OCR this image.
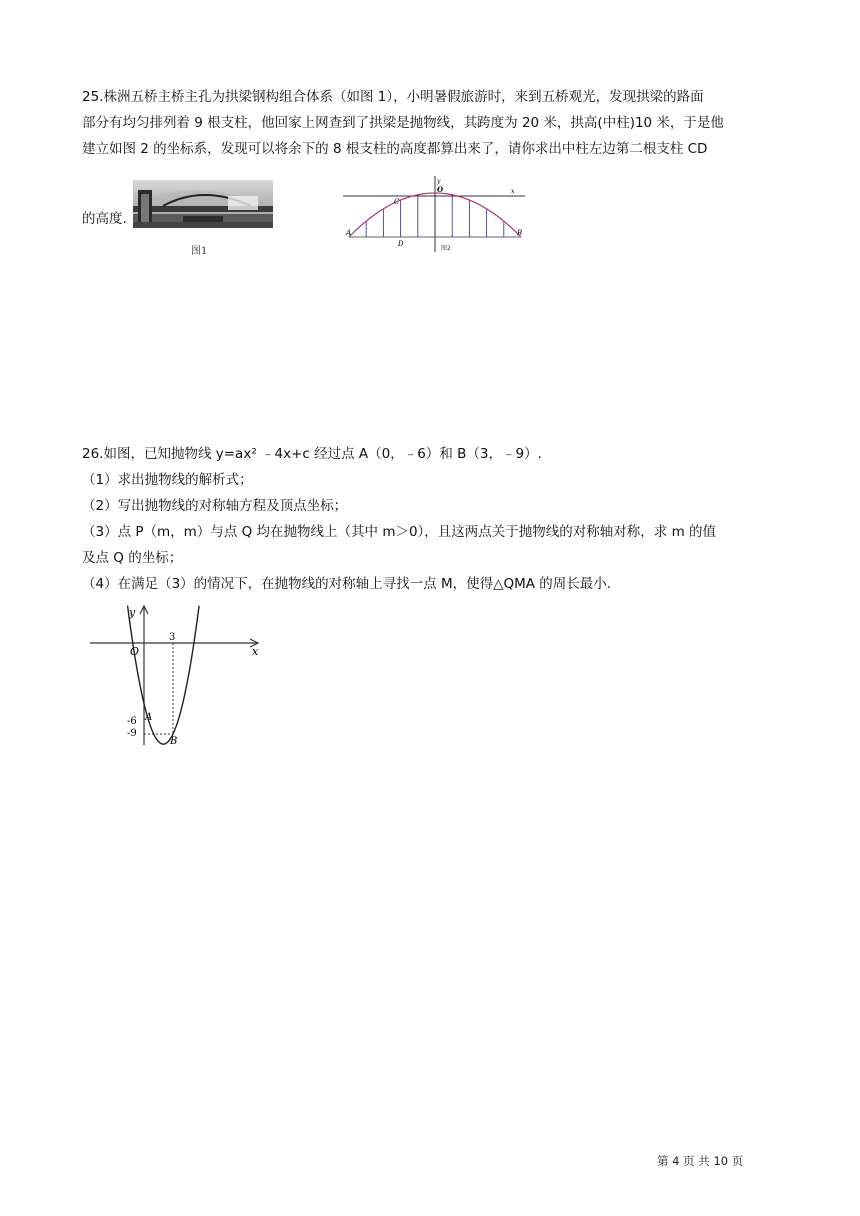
25.株洲五桥主桥主孔为拱梁钢构组合体系（如图 1），小明暑假旅游时，来到五桥观光，发现拱梁的路面
部分有均匀排列着 9 根支柱，他回家上网查到了拱梁是抛物线，其跨度为 20 米，拱高(中柱)10 米，于是他
建立如图 2 的坐标系，发现可以将余下的 8 根支柱的高度都算出来了，请你求出中柱左边第二根支柱 CD
的高度.
图1
y
O	x
C
A	B
D
图2
26.如图，已知抛物线 y=ax² ﹣4x+c 经过点 A（0，﹣6）和 B（3，﹣9）.
（1）求出抛物线的解析式；
（2）写出抛物线的对称轴方程及顶点坐标；
（3）点 P（m，m）与点 Q 均在抛物线上（其中 m＞0），且这两点关于抛物线的对称轴对称，求 m 的值
及点 Q 的坐标；
（4）在满足（3）的情况下，在抛物线的对称轴上寻找一点 M，使得△QMA 的周长最小.
y
x
O
3
A
B
-6
-9
第 4 页 共 10 页
